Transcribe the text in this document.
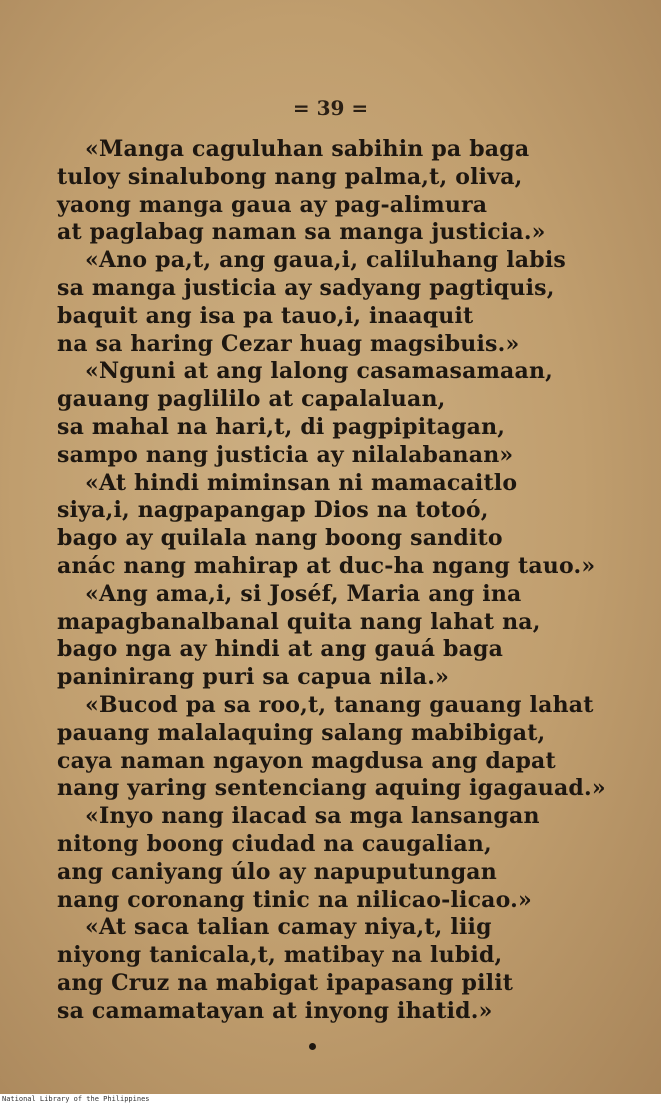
= 39 =
«Manga caguluhan sabihin pa baga
tuloy sinalubong nang palma,t, oliva,
yaong manga gaua ay pag-alimura
at paglabag naman sa manga justicia.»
«Ano pa,t, ang gaua,i, caliluhang labis
sa manga justicia ay sadyang pagtiquis,
baquit ang isa pa tauo,i, inaaquit
na sa haring Cezar huag magsibuis.»
«Nguni at ang lalong casamasamaan,
gauang paglililo at capalaluan,
sa mahal na hari,t, di pagpipitagan,
sampo nang justicia ay nilalabanan»
«At hindi miminsan ni mamacaitlo
siya,i, nagpapangap Dios na totoó,
bago ay quilala nang boong sandito
anác nang mahirap at duc-ha ngang tauo.»
«Ang ama,i, si Joséf, Maria ang ina
mapagbanalbanal quita nang lahat na,
bago nga ay hindi at ang gauá baga
paninirang puri sa capua nila.»
«Bucod pa sa roo,t, tanang gauang lahat
pauang malalaquing salang mabibigat,
caya naman ngayon magdusa ang dapat
nang yaring sentenciang aquing igagauad.»
«Inyo nang ilacad sa mga lansangan
nitong boong ciudad na caugalian,
ang caniyang úlo ay napuputungan
nang coronang tinic na nilicao-licao.»
«At saca talian camay niya,t, liig
niyong tanicala,t, matibay na lubid,
ang Cruz na mabigat ipapasang pilit
sa camamatayan at inyong ihatid.»
National Library of the Philippines
